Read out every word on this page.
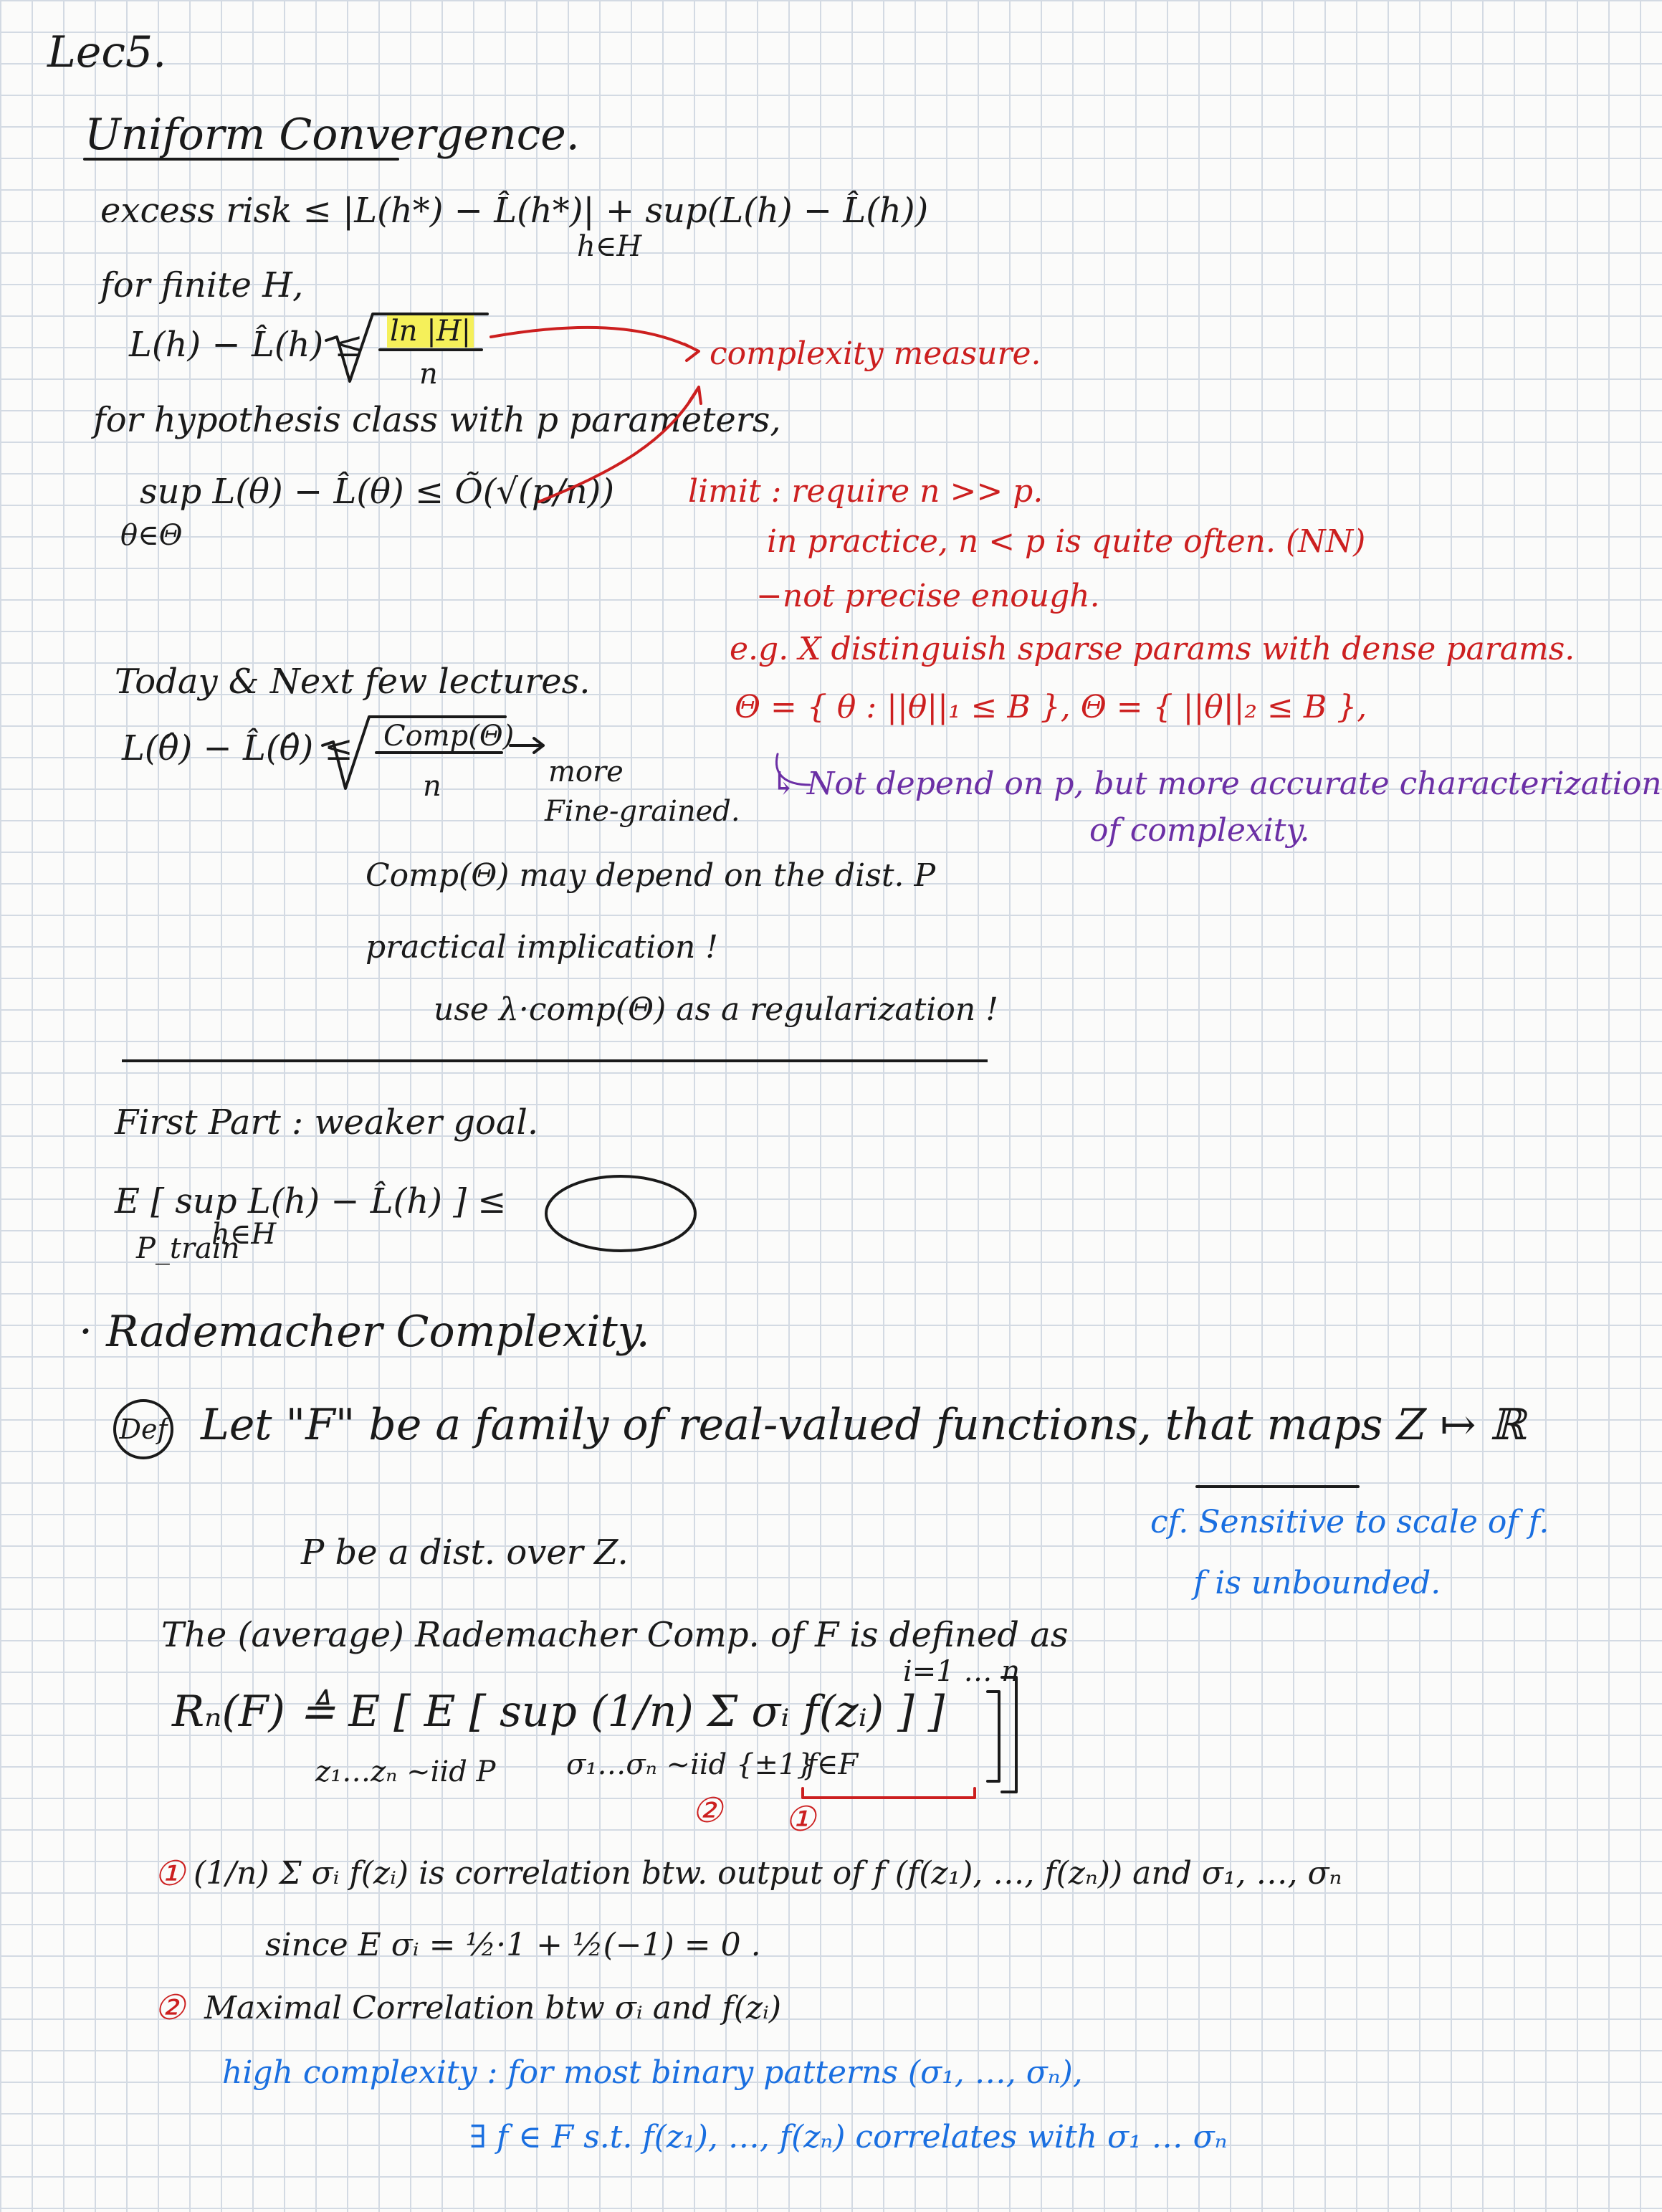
Lec5.
Uniform Convergence.
excess risk ≤ |L(h*) − L̂(h*)| + sup(L(h) − L̂(h))
h∈H
for finite H,
L(h) − L̂(h) ≤ ln |H|
n
complexity measure.
for hypothesis class with p parameters,
sup L(θ) − L̂(θ) ≤ Õ(√(p/n))
θ∈Θ
limit : require n >> p.
in practice, n < p is quite often. (NN)
−not precise enough.
e.g. X distinguish sparse params with dense params.
Θ = { θ : ||θ||₁ ≤ B }, Θ = { ||θ||₂ ≤ B },
↳ Not depend on p, but more accurate characterization
of complexity.
Today & Next few lectures.
L(θ̂) − L̂(θ̂) ≤ Comp(Θ)
n	more
Fine-grained.
Comp(Θ) may depend on the dist. P
practical implication !
use λ·comp(Θ) as a regularization !
First Part : weaker goal.
E [ sup L(h) − L̂(h) ] ≤
P_train
h∈H
· Rademacher Complexity.
Def Let "F" be a family of real-valued functions, that maps Z ↦ ℝ
P be a dist. over Z.
cf. Sensitive to scale of f.
f is unbounded.
The (average) Rademacher Comp. of F is defined as
Rₙ(F) ≜ E [ E [ sup (1/n) Σ σᵢ f(zᵢ) ] ]
z₁…zₙ ~iid P σ₁…σₙ ~iid {±1}
f∈F
i=1 … n
② ①
① (1/n) Σ σᵢ f(zᵢ) is correlation btw. output of f (f(z₁), …, f(zₙ)) and σ₁, …, σₙ
since E σᵢ = ½·1 + ½(−1) = 0 .
② Maximal Correlation btw σᵢ and f(zᵢ)
high complexity : for most binary patterns (σ₁, …, σₙ),
∃ f ∈ F s.t. f(z₁), …, f(zₙ) correlates with σ₁ … σₙ
